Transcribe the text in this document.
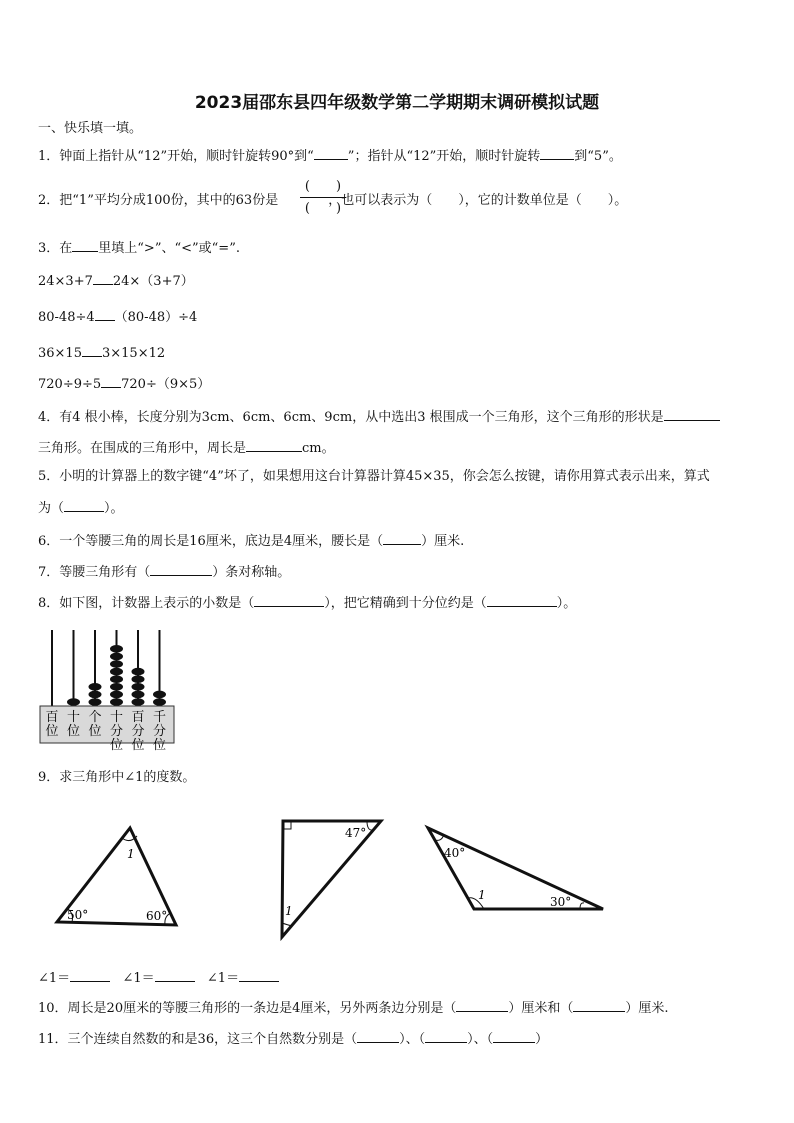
2023届邵东县四年级数学第二学期期末调研模拟试题
一、快乐填一填。
1．钟面上指针从“12”开始，顺时针旋转90°到“	”；指针从“12”开始，顺时针旋转	到“5”。
2．把“1”平均分成100份，其中的63份是	，也可以表示为（　　），它的计数单位是（　　）。
(　　)
(　　)
3．在 里填上“>”、“<”或“=”.
24×3+7 24×（3+7）
80-48÷4 （80-48）÷4
36×15 3×15×12
720÷9÷5 720÷（9×5）
4．有4 根小棒，长度分别为3cm、6cm、6cm、9cm，从中选出3 根围成一个三角形，这个三角形的形状是
三角形。在围成的三角形中，周长是	cm。
5．小明的计算器上的数字键“4”坏了，如果想用这台计算器计算45×35，你会怎么按键，请你用算式表示出来，算式
为（	）。
6．一个等腰三角的周长是16厘米，底边是4厘米，腰长是（	）厘米.
7．等腰三角形有（	）条对称轴。
8．如下图，计数器上表示的小数是（	），把它精确到十分位约是（	）。
百
位
十
位
个
位
十
分
位
百
分
位
千
分
位
9．求三角形中∠1的度数。
1
50°	60°
47°
1
40°
1	30°
∠1＝	∠1＝	∠1＝
10．周长是20厘米的等腰三角形的一条边是4厘米，另外两条边分别是（	）厘米和（	）厘米.
11．三个连续自然数的和是36，这三个自然数分别是（	）、（	）、（	）
